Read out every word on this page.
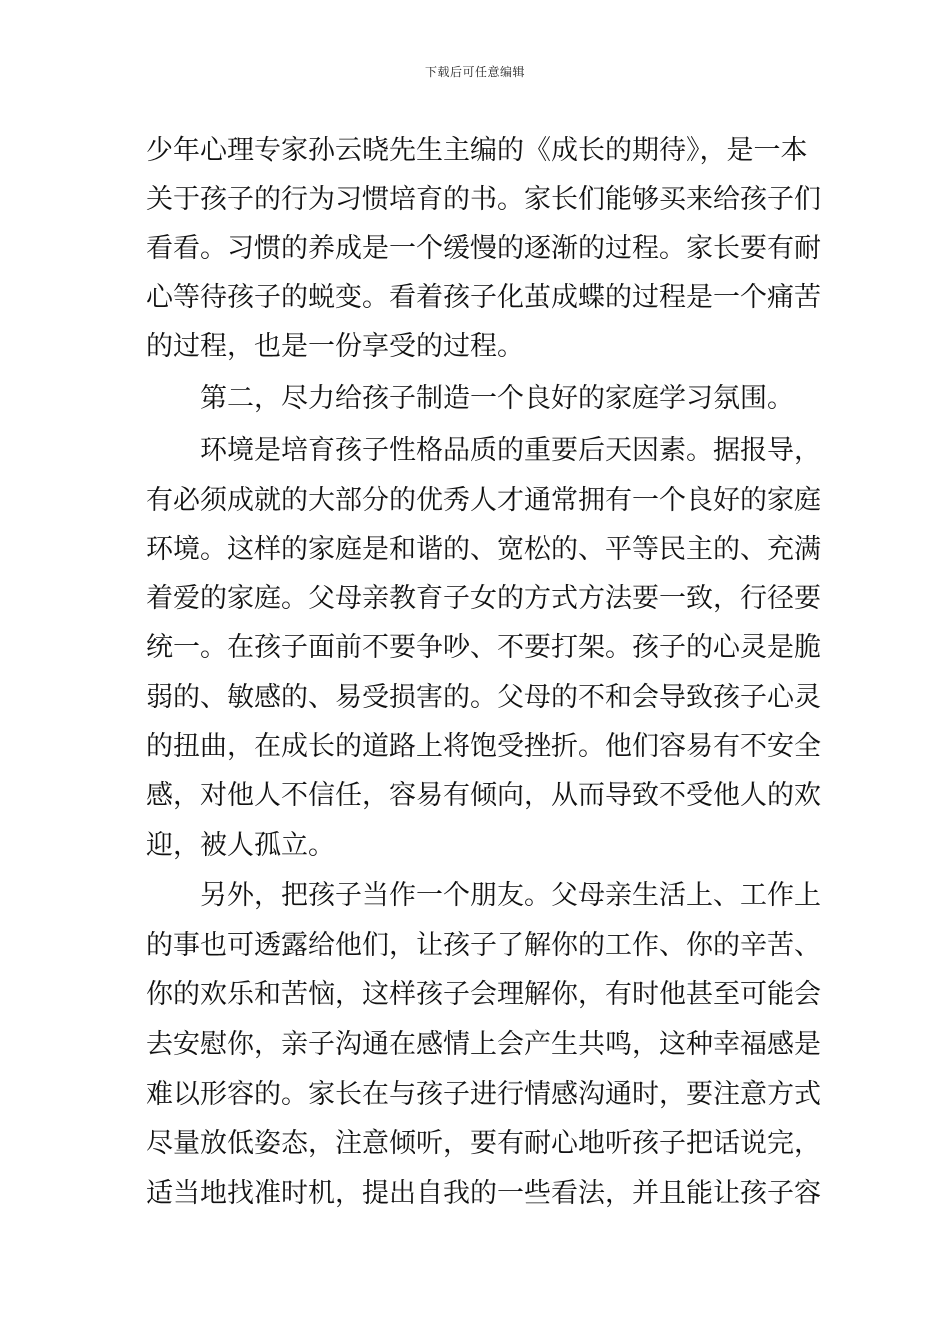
下载后可任意编辑
少年心理专家孙云晓先生主编的《成长的期待》，是一本
关于孩子的行为习惯培育的书。家长们能够买来给孩子们
看看。习惯的养成是一个缓慢的逐渐的过程。家长要有耐
心等待孩子的蜕变。看着孩子化茧成蝶的过程是一个痛苦
的过程，也是一份享受的过程。
第二，尽力给孩子制造一个良好的家庭学习氛围。
环境是培育孩子性格品质的重要后天因素。据报导，
有必须成就的大部分的优秀人才通常拥有一个良好的家庭
环境。这样的家庭是和谐的、宽松的、平等民主的、充满
着爱的家庭。父母亲教育子女的方式方法要一致，行径要
统一。在孩子面前不要争吵、不要打架。孩子的心灵是脆
弱的、敏感的、易受损害的。父母的不和会导致孩子心灵
的扭曲，在成长的道路上将饱受挫折。他们容易有不安全
感，对他人不信任，容易有倾向，从而导致不受他人的欢
迎，被人孤立。
另外，把孩子当作一个朋友。父母亲生活上、工作上
的事也可透露给他们，让孩子了解你的工作、你的辛苦、
你的欢乐和苦恼，这样孩子会理解你，有时他甚至可能会
去安慰你，亲子沟通在感情上会产生共鸣，这种幸福感是
难以形容的。家长在与孩子进行情感沟通时，要注意方式
尽量放低姿态，注意倾听，要有耐心地听孩子把话说完，
适当地找准时机，提出自我的一些看法，并且能让孩子容
